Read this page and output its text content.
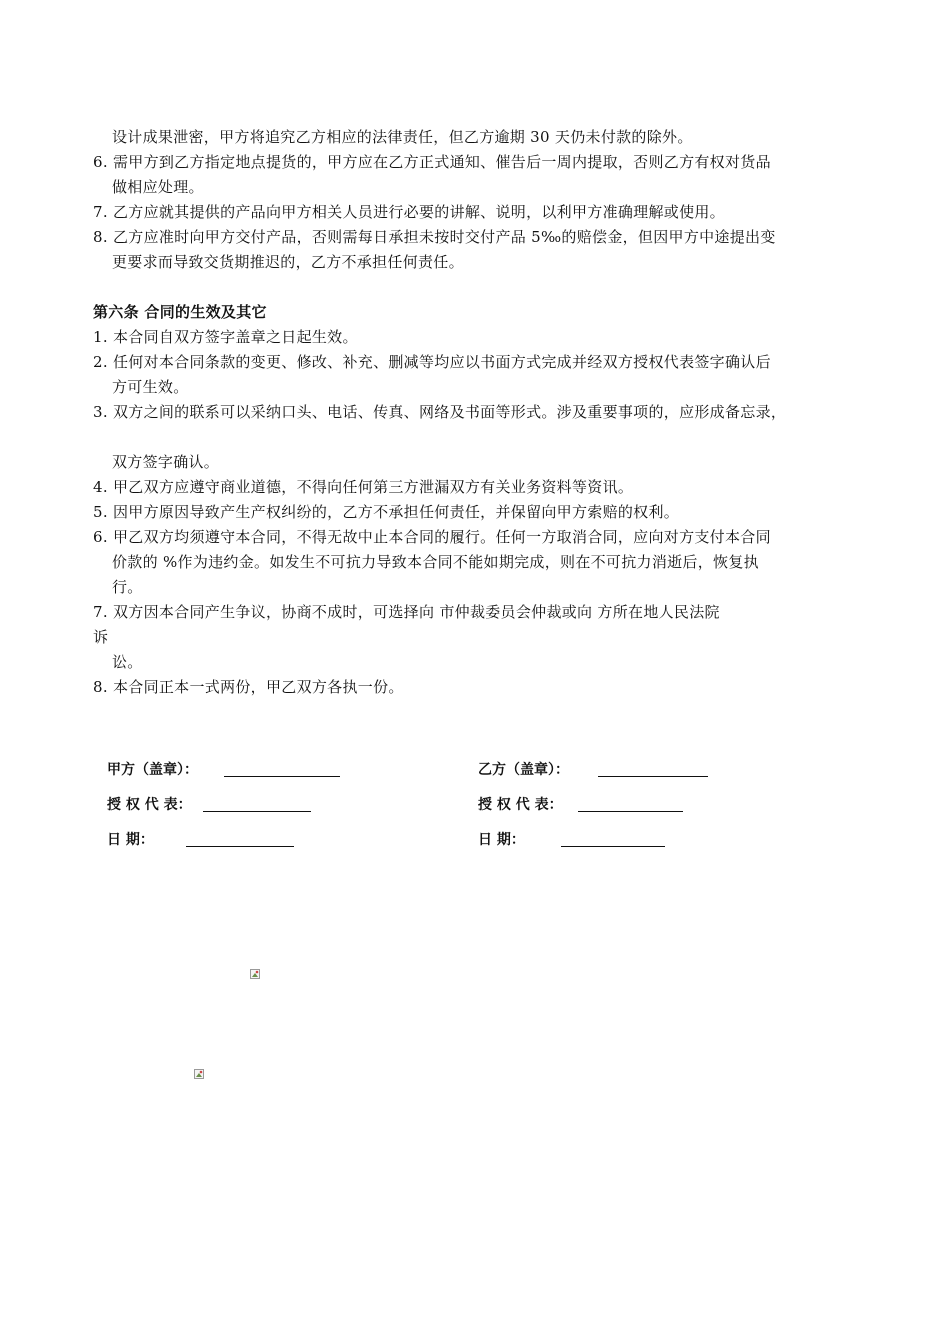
设计成果泄密，甲方将追究乙方相应的法律责任，但乙方逾期 30 天仍未付款的除外。
6. 需甲方到乙方指定地点提货的，甲方应在乙方正式通知、催告后一周内提取，否则乙方有权对货品
做相应处理。
7. 乙方应就其提供的产品向甲方相关人员进行必要的讲解、说明，以利甲方准确理解或使用。
8. 乙方应准时向甲方交付产品，否则需每日承担未按时交付产品 5‰的赔偿金，但因甲方中途提出变
更要求而导致交货期推迟的，乙方不承担任何责任。
第六条 合同的生效及其它
1. 本合同自双方签字盖章之日起生效。
2. 任何对本合同条款的变更、修改、补充、删减等均应以书面方式完成并经双方授权代表签字确认后
方可生效。
3. 双方之间的联系可以采纳口头、电话、传真、网络及书面等形式。涉及重要事项的，应形成备忘录，
双方签字确认。
4. 甲乙双方应遵守商业道德，不得向任何第三方泄漏双方有关业务资料等资讯。
5. 因甲方原因导致产生产权纠纷的，乙方不承担任何责任，并保留向甲方索赔的权利。
6. 甲乙双方均须遵守本合同，不得无故中止本合同的履行。任何一方取消合同，应向对方支付本合同
价款的 %作为违约金。如发生不可抗力导致本合同不能如期完成，则在不可抗力消逝后，恢复执
行。
7. 双方因本合同产生争议，协商不成时，可选择向 市仲裁委员会仲裁或向 方所在地人民法院
诉
讼。
8. 本合同正本一式两份，甲乙双方各执一份。
甲方（盖章）：	乙方（盖章）：
授 权 代 表：	授 权 代 表：
日 期：	日 期：
